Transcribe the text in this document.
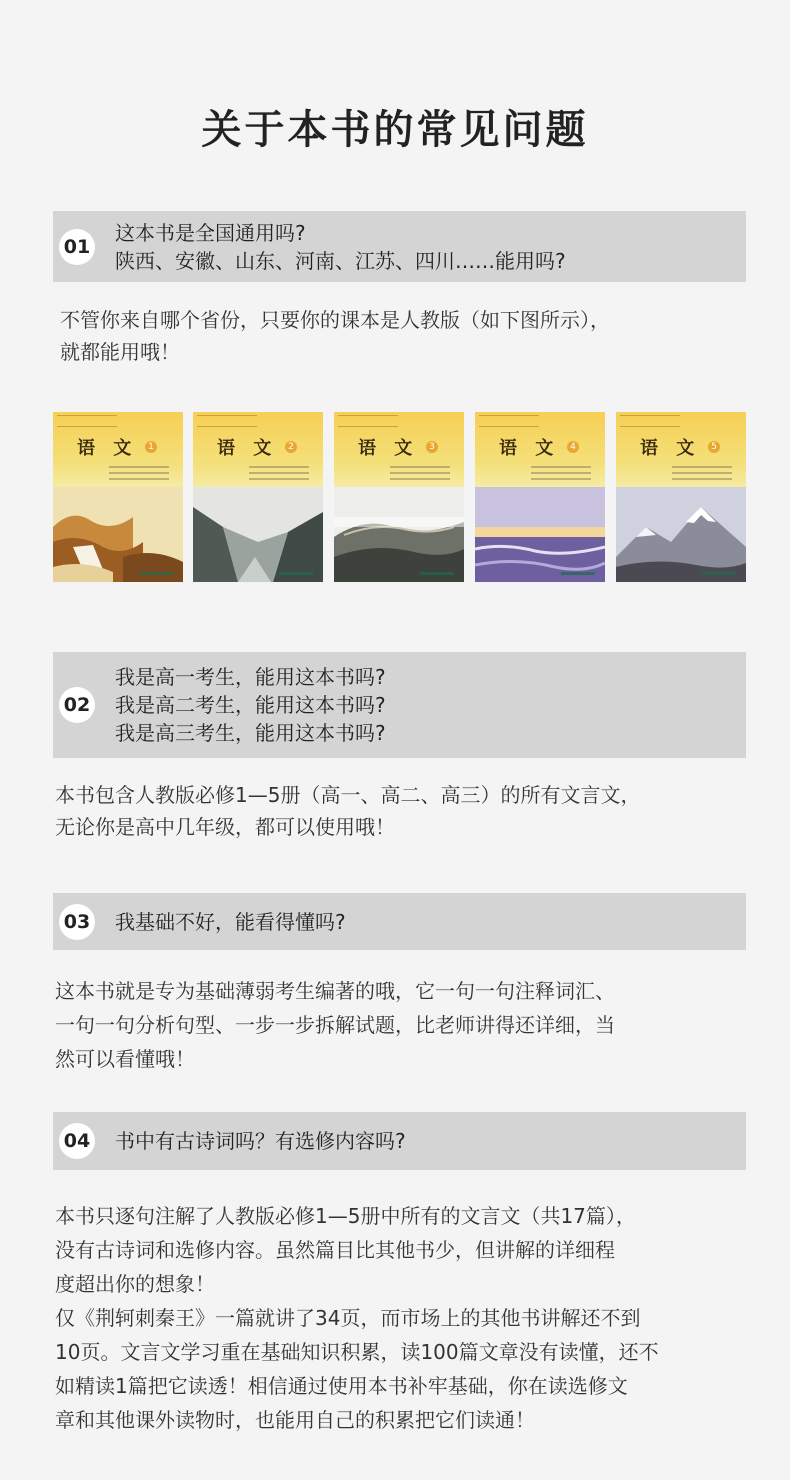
关于本书的常见问题
01
这本书是全国通用吗?
陕西、安徽、山东、河南、江苏、四川……能用吗?
不管你来自哪个省份，只要你的课本是人教版（如下图所示），
就都能用哦！
语 文	1	语 文	2	语 文	3	语 文	4	语 文	5
02
我是高一考生，能用这本书吗?
我是高二考生，能用这本书吗?
我是高三考生，能用这本书吗?
本书包含人教版必修1—5册（高一、高二、高三）的所有文言文，
无论你是高中几年级，都可以使用哦！
03 我基础不好，能看得懂吗?
这本书就是专为基础薄弱考生编著的哦，它一句一句注释词汇、
一句一句分析句型、一步一步拆解试题，比老师讲得还详细，当
然可以看懂哦！
04 书中有古诗词吗？有选修内容吗?
本书只逐句注解了人教版必修1—5册中所有的文言文（共17篇），
没有古诗词和选修内容。虽然篇目比其他书少，但讲解的详细程
度超出你的想象！
仅《荆轲刺秦王》一篇就讲了34页，而市场上的其他书讲解还不到
10页。文言文学习重在基础知识积累，读100篇文章没有读懂，还不
如精读1篇把它读透！相信通过使用本书补牢基础，你在读选修文
章和其他课外读物时，也能用自己的积累把它们读通！
